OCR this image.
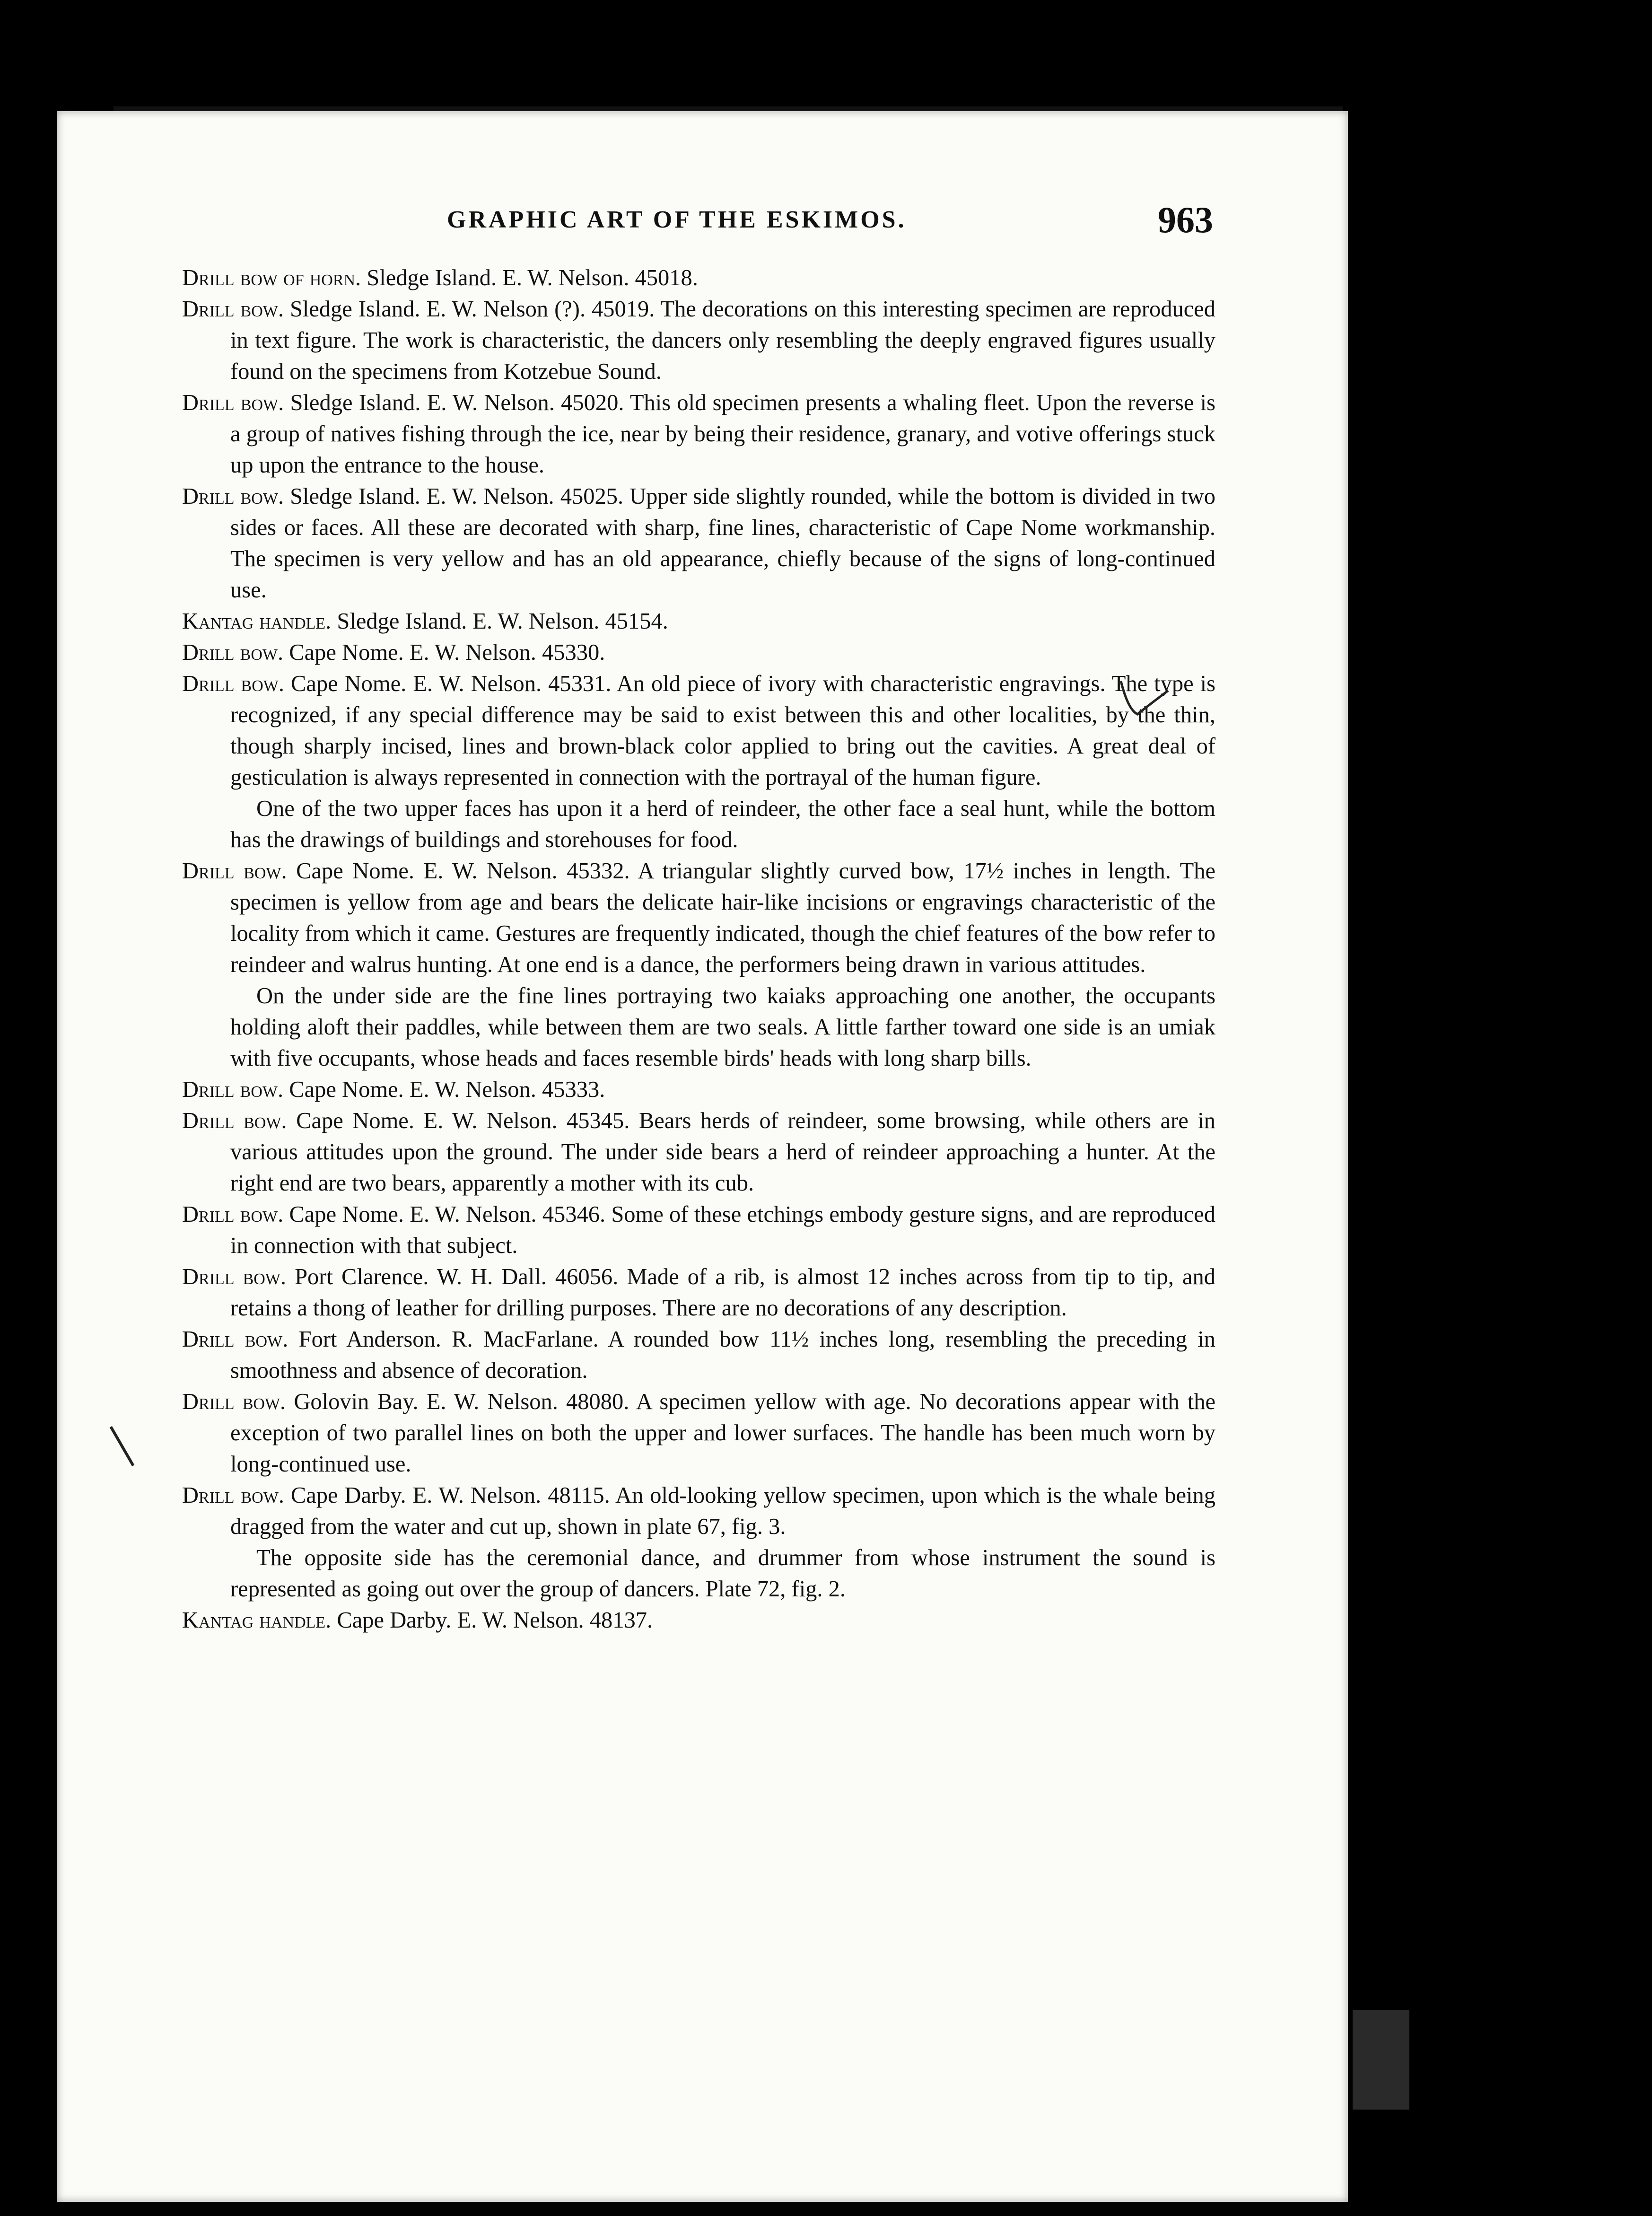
GRAPHIC ART OF THE ESKIMOS.	963

Drill bow of horn. Sledge Island. E. W. Nelson. 45018.

Drill bow. Sledge Island. E. W. Nelson (?). 45019. The decorations on this interesting specimen are reproduced in text figure. The work is characteristic, the dancers only resembling the deeply engraved figures usually found on the specimens from Kotzebue Sound.

Drill bow. Sledge Island. E. W. Nelson. 45020. This old specimen presents a whaling fleet. Upon the reverse is a group of natives fishing through the ice, near by being their residence, granary, and votive offerings stuck up upon the entrance to the house.

Drill bow. Sledge Island. E. W. Nelson. 45025. Upper side slightly rounded, while the bottom is divided in two sides or faces. All these are decorated with sharp, fine lines, characteristic of Cape Nome workmanship. The specimen is very yellow and has an old appearance, chiefly because of the signs of long-continued use.

Kantag handle. Sledge Island. E. W. Nelson. 45154.

Drill bow. Cape Nome. E. W. Nelson. 45330.

Drill bow. Cape Nome. E. W. Nelson. 45331. An old piece of ivory with characteristic engravings. The type is recognized, if any special difference may be said to exist between this and other localities, by the thin, though sharply incised, lines and brown-black color applied to bring out the cavities. A great deal of gesticulation is always represented in connection with the portrayal of the human figure.

One of the two upper faces has upon it a herd of reindeer, the other face a seal hunt, while the bottom has the drawings of buildings and storehouses for food.

Drill bow. Cape Nome. E. W. Nelson. 45332. A triangular slightly curved bow, 17½ inches in length. The specimen is yellow from age and bears the delicate hair-like incisions or engravings characteristic of the locality from which it came. Gestures are frequently indicated, though the chief features of the bow refer to reindeer and walrus hunting. At one end is a dance, the performers being drawn in various attitudes.

On the under side are the fine lines portraying two kaiaks approaching one another, the occupants holding aloft their paddles, while between them are two seals. A little farther toward one side is an umiak with five occupants, whose heads and faces resemble birds' heads with long sharp bills.

Drill bow. Cape Nome. E. W. Nelson. 45333.

Drill bow. Cape Nome. E. W. Nelson. 45345. Bears herds of reindeer, some browsing, while others are in various attitudes upon the ground. The under side bears a herd of reindeer approaching a hunter. At the right end are two bears, apparently a mother with its cub.

Drill bow. Cape Nome. E. W. Nelson. 45346. Some of these etchings embody gesture signs, and are reproduced in connection with that subject.

Drill bow. Port Clarence. W. H. Dall. 46056. Made of a rib, is almost 12 inches across from tip to tip, and retains a thong of leather for drilling purposes. There are no decorations of any description.

Drill bow. Fort Anderson. R. MacFarlane. A rounded bow 11½ inches long, resembling the preceding in smoothness and absence of decoration.

Drill bow. Golovin Bay. E. W. Nelson. 48080. A specimen yellow with age. No decorations appear with the exception of two parallel lines on both the upper and lower surfaces. The handle has been much worn by long-continued use.

Drill bow. Cape Darby. E. W. Nelson. 48115. An old-looking yellow specimen, upon which is the whale being dragged from the water and cut up, shown in plate 67, fig. 3.

The opposite side has the ceremonial dance, and drummer from whose instrument the sound is represented as going out over the group of dancers. Plate 72, fig. 2.

Kantag handle. Cape Darby. E. W. Nelson. 48137.
